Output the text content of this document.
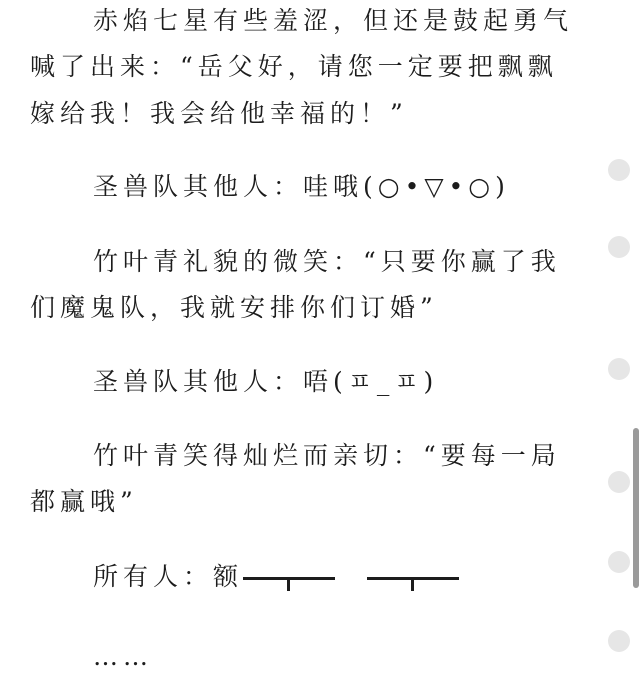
赤焰七星有些羞涩，但还是鼓起勇气
喊了出来：“岳父好，请您一定要把飘飘
嫁给我！我会给他幸福的！”
圣兽队其他人：哇哦(○•▽•○)
竹叶青礼貌的微笑：“只要你赢了我
们魔鬼队，我就安排你们订婚”
圣兽队其他人：唔(ㅍ_ㅍ)
竹叶青笑得灿烂而亲切：“要每一局
都赢哦”
所有人：额
……
